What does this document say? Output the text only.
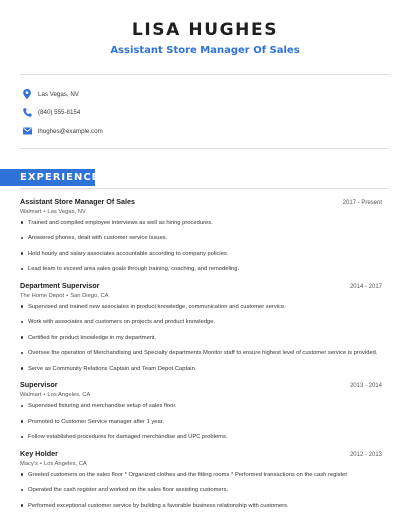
LISA HUGHES
Assistant Store Manager Of Sales
Las Vegas, NV
(840) 555-8154
lhughes@example.com
EXPERIENCE
Assistant Store Manager Of Sales	2017 - Present
Walmart • Las Vegas, NV
Trained and compiled employee interviews as well as hiring procedures.
Answered phones, dealt with customer service issues.
Hold hourly and salary associates accountable according to company policies.
Lead team to exceed area sales goals through training, coaching, and remodeling.
Department Supervisor	2014 - 2017
The Home Depot • San Diego, CA
Supervised and trained new associates in product knowledge, communication and customer service.
Work with associates and customers on projects and product knowledge.
Certified for product knowledge in my department.
Oversee the operation of Merchandising and Specialty departments Monitor staff to ensure highest level of customer service is provided.
Serve as Community Relations Captain and Team Depot Captain.
Supervisor	2013 - 2014
Walmart • Los Angeles, CA
Supervised fixturing and merchandise setup of sales floor.
Promoted to Customer Service manager after 1 year.
Follow established procedures for damaged merchandise and UPC problems.
Key Holder	2012 - 2013
Macy's • Los Angeles, CA
Greeted customers on the sales floor * Organized clothes and the fitting rooms * Performed transactions on the cash register
Operated the cash register and worked on the sales floor assisting customers.
Performed exceptional customer service by building a favorable business relationship with customers.
